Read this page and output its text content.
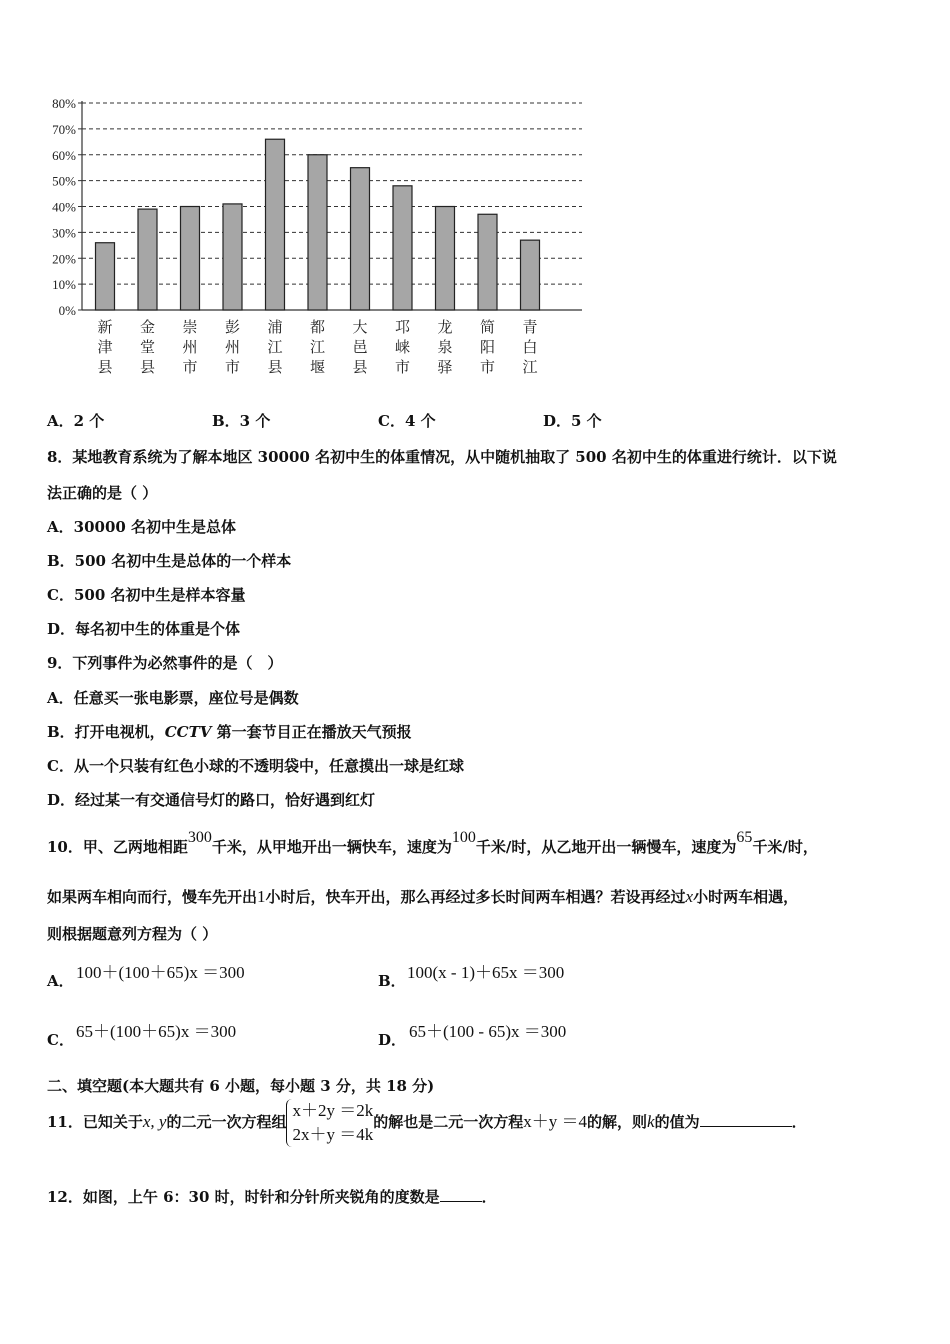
0%
10%
20%
30%
40%
50%
60%
70%
80%
新
津
县
金
堂
县
崇
州
市
彭
州
市
浦
江
县
都
江
堰
大
邑
县
邛
崃
市
龙
泉
驿
简
阳
市
青
白
江
A．2 个	B．3 个	C．4 个	D．5 个
8．某地教育系统为了解本地区 30000 名初中生的体重情况，从中随机抽取了 500 名初中生的体重进行统计．以下说
法正确的是（ ）
A．30000 名初中生是总体
B．500 名初中生是总体的一个样本
C．500 名初中生是样本容量
D．每名初中生的体重是个体
9．下列事件为必然事件的是（　）
A．任意买一张电影票，座位号是偶数
B．打开电视机，CCTV 第一套节目正在播放天气预报
C．从一个只装有红色小球的不透明袋中，任意摸出一球是红球
D．经过某一有交通信号灯的路口，恰好遇到红灯
10．甲、乙两地相距300千米，从甲地开出一辆快车，速度为100千米/时，从乙地开出一辆慢车，速度为65千米/时，
如果两车相向而行，慢车先开出1小时后，快车开出，那么再经过多长时间两车相遇？若设再经过x小时两车相遇，
则根据题意列方程为（ ）
A． 100＋(100＋65)x ＝300	B． 100(x - 1)＋65x ＝300
C． 65＋(100＋65)x ＝300	D． 65＋(100 - 65)x ＝300
二、填空题(本大题共有 6 小题，每小题 3 分，共 18 分)
11．已知关于x, y的二元一次方程组
x＋2y ＝2k
2x＋y ＝4k
的解也是二元一次方程x＋y ＝4的解，则k的值为	．
12．如图，上午 6：30 时，时针和分针所夹锐角的度数是	．
